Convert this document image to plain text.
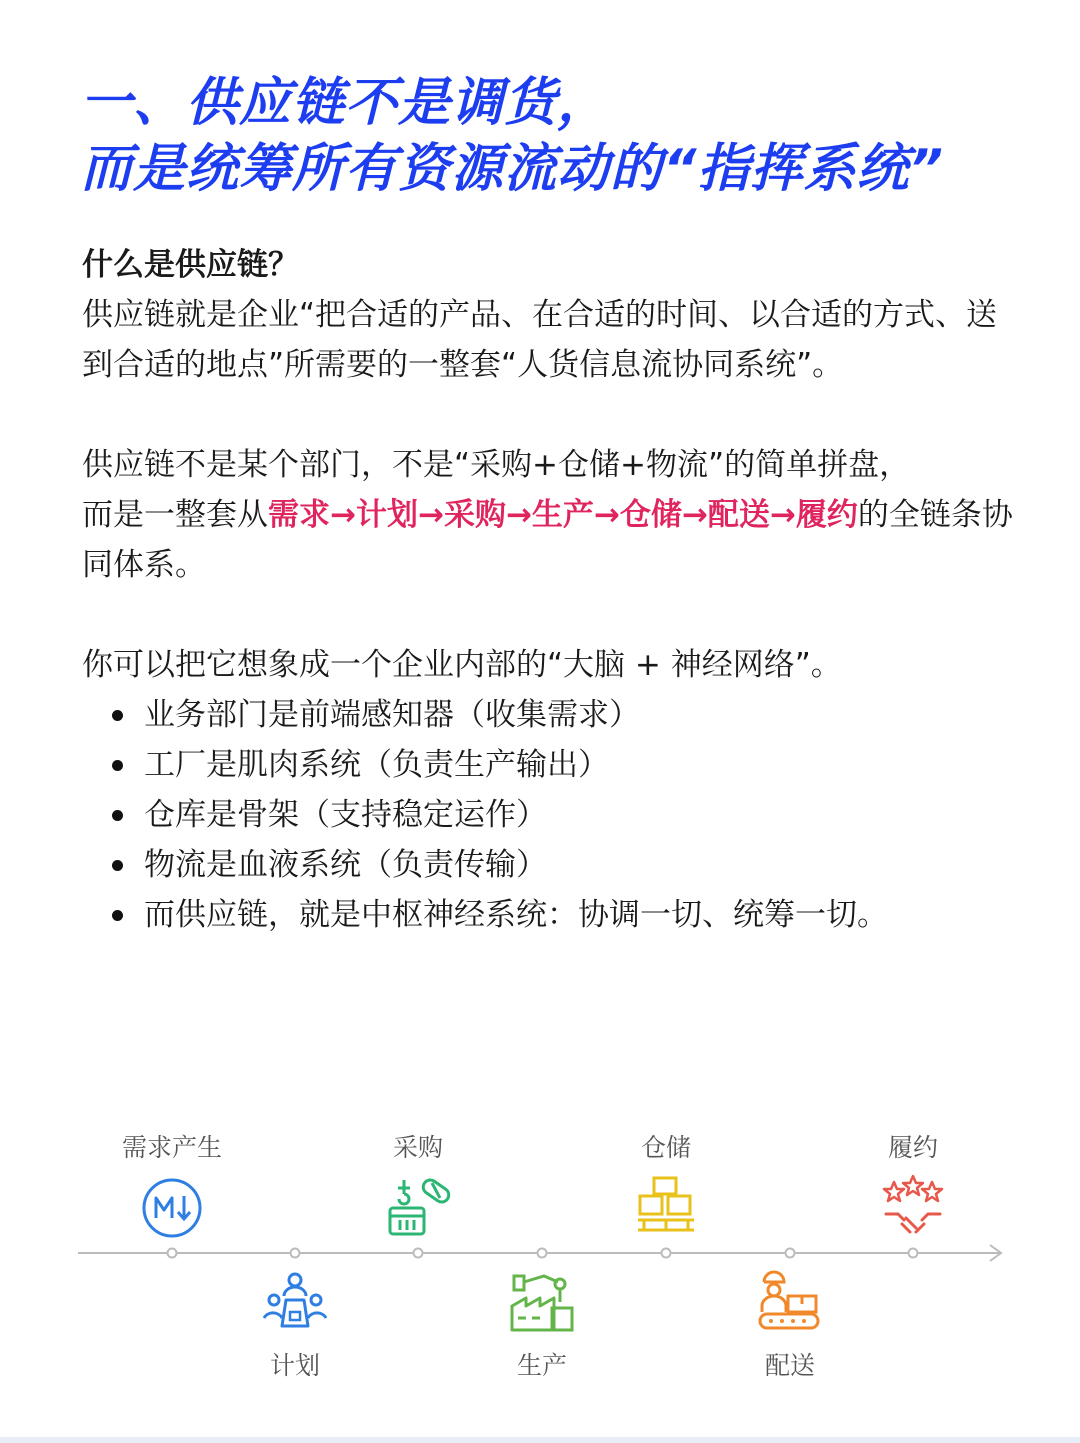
一、供应链不是调货，
而是统筹所有资源流动的“指挥系统”
什么是供应链？

供应链就是企业“把合适的产品、在合适的时间、以合适的方式、送到合适的地点”所需要的一整套“人货信息流协同系统”。

供应链不是某个部门，不是“采购+仓储+物流”的简单拼盘，

而是一整套从需求→计划→采购→生产→仓储→配送→履约的全链条协同体系。

你可以把它想象成一个企业内部的“大脑 + 神经网络”。

业务部门是前端感知器（收集需求）
工厂是肌肉系统（负责生产输出）
仓库是骨架（支持稳定运作）
物流是血液系统（负责传输）
而供应链，就是中枢神经系统：协调一切、统筹一切。
需求产生	采购	仓储	履约
计划	生产	配送
